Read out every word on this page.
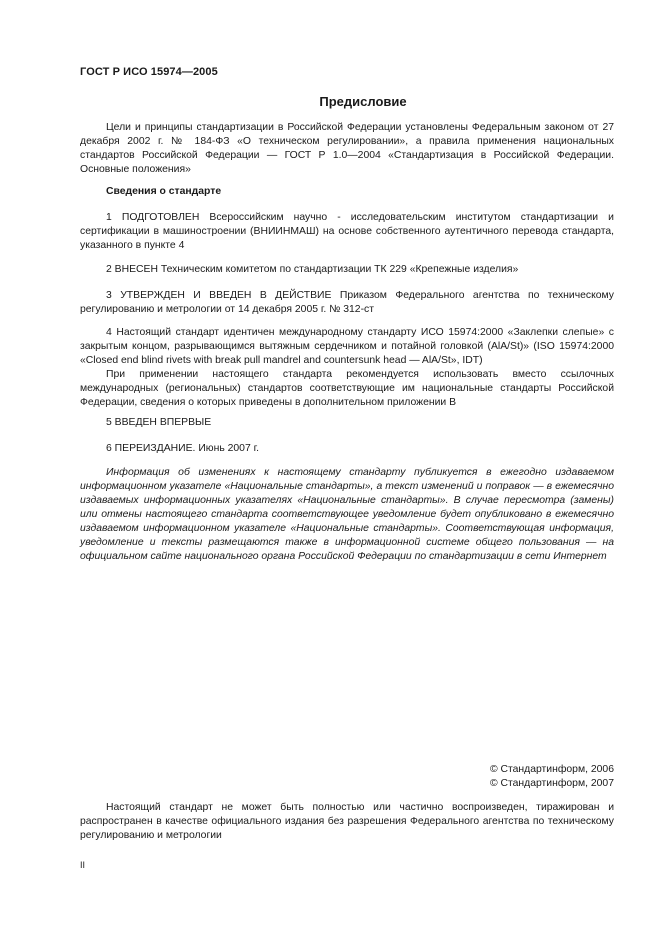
ГОСТ Р ИСО 15974—2005
Предисловие

Цели и принципы стандартизации в Российской Федерации установлены Федеральным законом от 27 декабря 2002 г. № 184-ФЗ «О техническом регулировании», а правила применения национальных стандартов Российской Федерации — ГОСТ Р 1.0—2004 «Стандартизация в Российской Федерации. Основные положения»

Сведения о стандарте

1 ПОДГОТОВЛЕН Всероссийским научно - исследовательским институтом стандартизации и сертификации в машиностроении (ВНИИНМАШ) на основе собственного аутентичного перевода стандарта, указанного в пункте 4

2 ВНЕСЕН Техническим комитетом по стандартизации ТК 229 «Крепежные изделия»

3 УТВЕРЖДЕН И ВВЕДЕН В ДЕЙСТВИЕ Приказом Федерального агентства по техническому регулированию и метрологии от 14 декабря 2005 г. № 312-ст

4 Настоящий стандарт идентичен международному стандарту ИСО 15974:2000 «Заклепки слепые» с закрытым концом, разрывающимся вытяжным сердечником и потайной головкой (AlA/St)» (ISO 15974:2000 «Closed end blind rivets with break pull mandrel and countersunk head — AlA/St», IDT)

При применении настоящего стандарта рекомендуется использовать вместо ссылочных международных (региональных) стандартов соответствующие им национальные стандарты Российской Федерации, сведения о которых приведены в дополнительном приложении В

5 ВВЕДЕН ВПЕРВЫЕ

6 ПЕРЕИЗДАНИЕ. Июнь 2007 г.

Информация об изменениях к настоящему стандарту публикуется в ежегодно издаваемом информационном указателе «Национальные стандарты», а текст изменений и поправок — в ежемесячно издаваемых информационных указателях «Национальные стандарты». В случае пересмотра (замены) или отмены настоящего стандарта соответствующее уведомление будет опубликовано в ежемесячно издаваемом информационном указателе «Национальные стандарты». Соответствующая информация, уведомление и тексты размещаются также в информационной системе общего пользования — на официальном сайте национального органа Российской Федерации по стандартизации в сети Интернет

© Стандартинформ, 2006
© Стандартинформ, 2007

Настоящий стандарт не может быть полностью или частично воспроизведен, тиражирован и распространен в качестве официального издания без разрешения Федерального агентства по техническому регулированию и метрологии

II
